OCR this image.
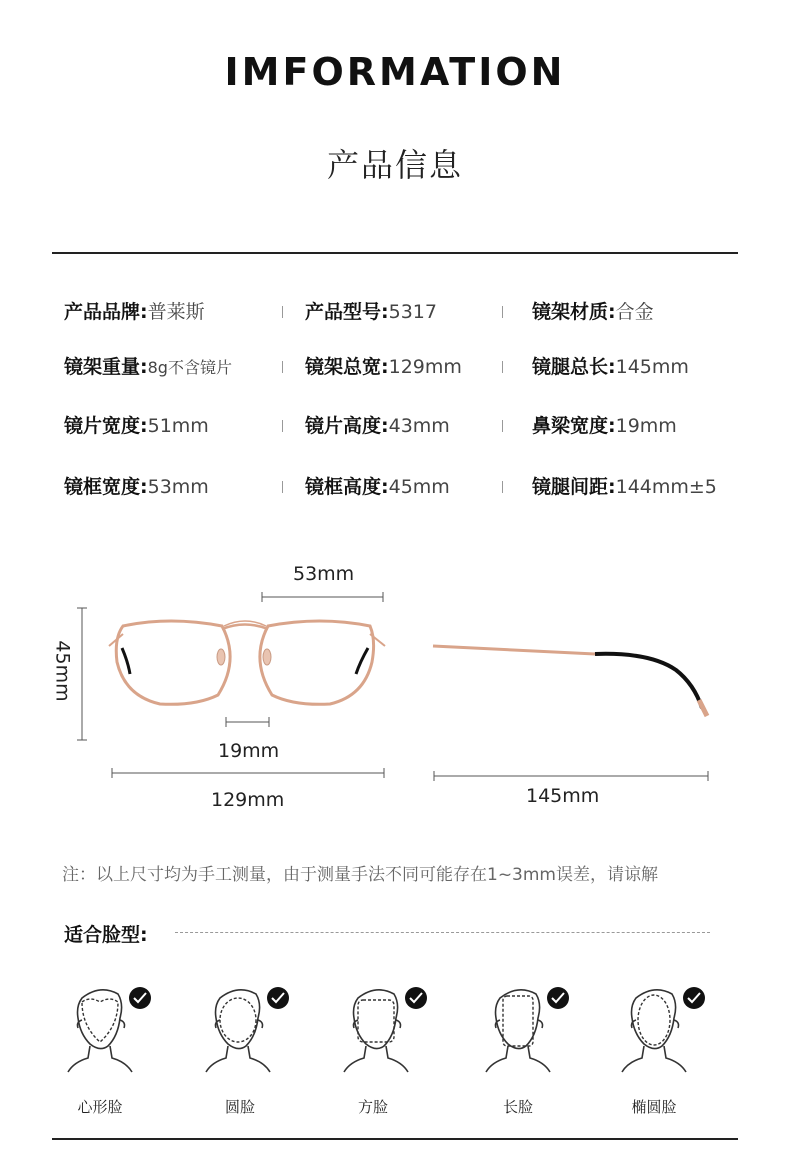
IMFORMATION
产品信息
产品品牌:普莱斯	产品型号:5317	镜架材质:合金
镜架重量:8g不含镜片	镜架总宽:129mm	镜腿总长:145mm
镜片宽度:51mm	镜片高度:43mm	鼻梁宽度:19mm
镜框宽度:53mm	镜框高度:45mm	镜腿间距:144mm±5
53mm
45mm
19mm
129mm	145mm
注：以上尺寸均为手工测量，由于测量手法不同可能存在1~3mm误差，请谅解
适合脸型:
心形脸	圆脸	方脸	长脸	椭圆脸
